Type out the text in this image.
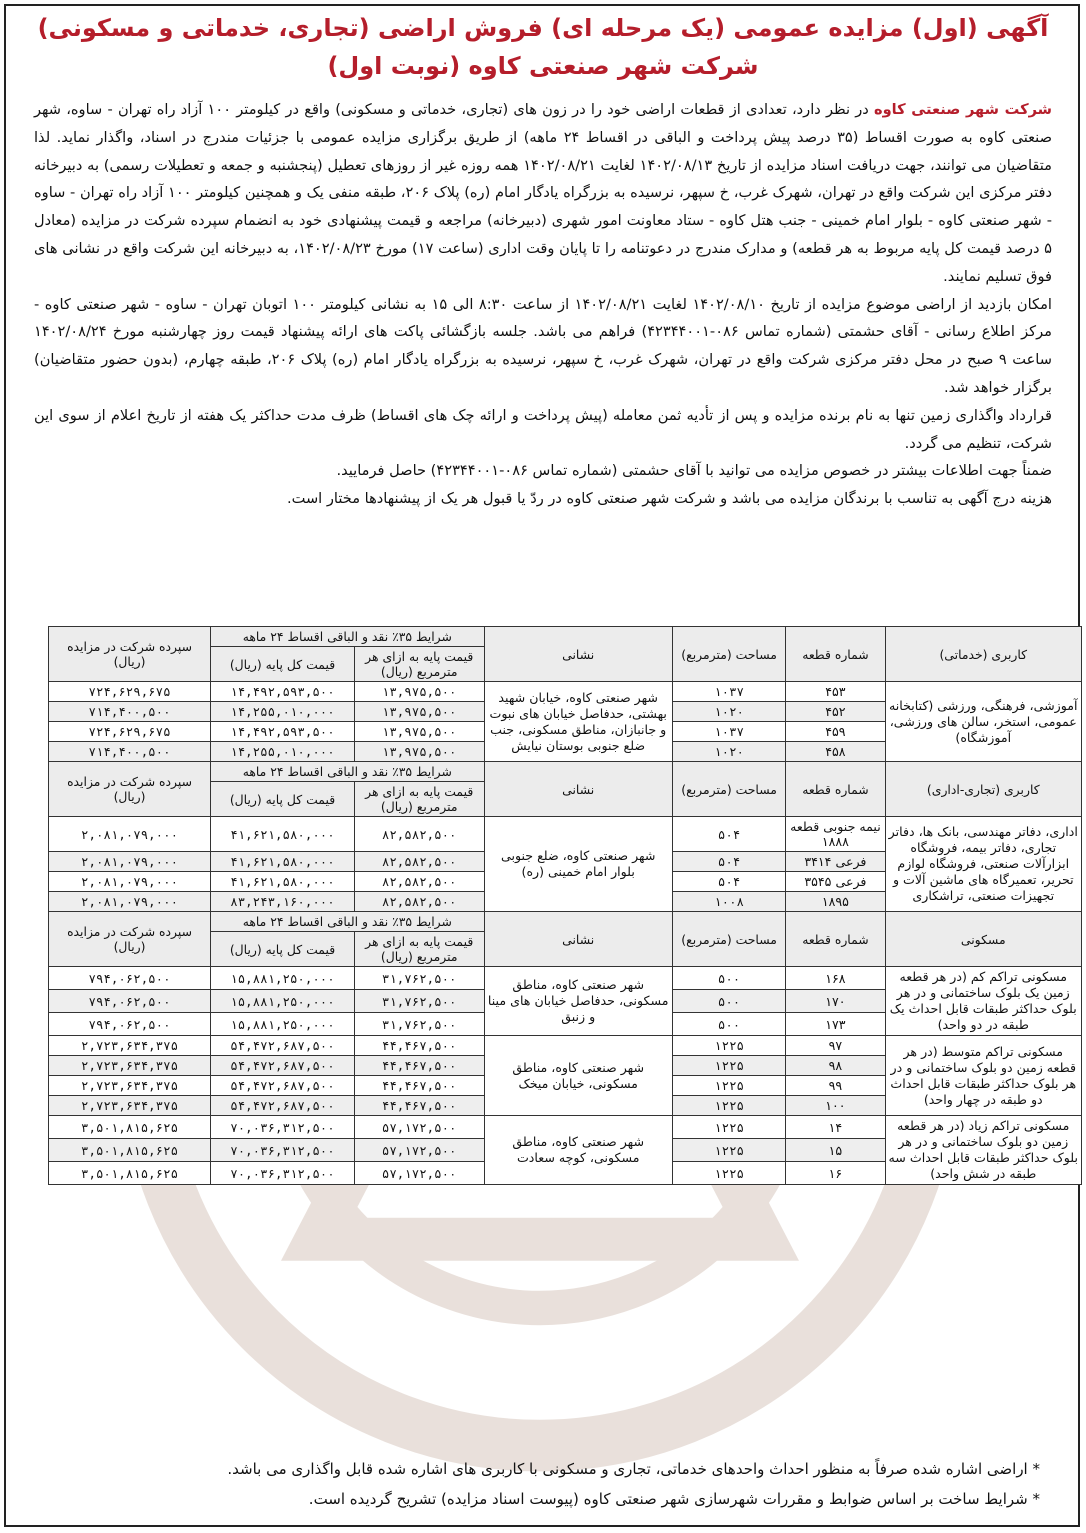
آگهی (اول) مزایده عمومی (یک مرحله ای) فروش اراضی (تجاری، خدماتی و مسکونی)
شرکت شهر صنعتی کاوه (نوبت اول)

شرکت شهر صنعتی کاوه در نظر دارد، تعدادی از قطعات اراضی خود را در زون های (تجاری، خدماتی و مسکونی) واقع در کیلومتر ۱۰۰ آزاد راه تهران - ساوه، شهر صنعتی کاوه به صورت اقساط (۳۵ درصد پیش پرداخت و الباقی در اقساط ۲۴ ماهه) از طریق برگزاری مزایده عمومی با جزئیات مندرج در اسناد، واگذار نماید. لذا متقاضیان می توانند، جهت دریافت اسناد مزایده از تاریخ ۱۴۰۲/۰۸/۱۳ لغایت ۱۴۰۲/۰۸/۲۱ همه روزه غیر از روزهای تعطیل (پنجشنبه و جمعه و تعطیلات رسمی) به دبیرخانه دفتر مرکزی این شرکت واقع در تهران، شهرک غرب، خ سپهر، نرسیده به بزرگراه یادگار امام (ره) پلاک ۲۰۶، طبقه منفی یک و همچنین کیلومتر ۱۰۰ آزاد راه تهران - ساوه - شهر صنعتی کاوه - بلوار امام خمینی - جنب هتل کاوه - ستاد معاونت امور شهری (دبیرخانه) مراجعه و قیمت پیشنهادی خود به انضمام سپرده شرکت در مزایده (معادل ۵ درصد قیمت کل پایه مربوط به هر قطعه) و مدارک مندرج در دعوتنامه را تا پایان وقت اداری (ساعت ۱۷) مورخ ۱۴۰۲/۰۸/۲۳، به دبیرخانه این شرکت واقع در نشانی های فوق تسلیم نمایند.

امکان بازدید از اراضی موضوع مزایده از تاریخ ۱۴۰۲/۰۸/۱۰ لغایت ۱۴۰۲/۰۸/۲۱ از ساعت ۸:۳۰ الی ۱۵ به نشانی کیلومتر ۱۰۰ اتوبان تهران - ساوه - شهر صنعتی کاوه - مرکز اطلاع رسانی - آقای حشمتی (شماره تماس ۰۸۶-۴۲۳۴۴۰۰۱) فراهم می باشد. جلسه بازگشائی پاکت های ارائه پیشنهاد قیمت روز چهارشنبه مورخ ۱۴۰۲/۰۸/۲۴ ساعت ۹ صبح در محل دفتر مرکزی شرکت واقع در تهران، شهرک غرب، خ سپهر، نرسیده به بزرگراه یادگار امام (ره) پلاک ۲۰۶، طبقه چهارم، (بدون حضور متقاضیان) برگزار خواهد شد.

قرارداد واگذاری زمین تنها به نام برنده مزایده و پس از تأدیه ثمن معامله (پیش پرداخت و ارائه چک های اقساط) ظرف مدت حداکثر یک هفته از تاریخ اعلام از سوی این شرکت، تنظیم می گردد.

ضمناً جهت اطلاعات بیشتر در خصوص مزایده می توانید با آقای حشمتی (شماره تماس ۰۸۶-۴۲۳۴۴۰۰۱) حاصل فرمایید.

هزینه درج آگهی به تناسب با برندگان مزایده می باشد و شرکت شهر صنعتی کاوه در ردّ یا قبول هر یک از پیشنهادها مختار است.

کاربری (خدماتی)	شماره قطعه	مساحت (مترمربع)	نشانی	شرایط ۳۵٪ نقد و الباقی اقساط ۲۴ ماهه		سپرده شرکت در مزایده (ریال)
				قیمت پایه به ازای هر مترمربع (ریال)	قیمت کل پایه (ریال)	
آموزشی، فرهنگی، ورزشی (کتابخانه عمومی، استخر، سالن های ورزشی، آموزشگاه)	۴۵۳	۱۰۳۷	شهر صنعتی کاوه، خیابان شهید بهشتی، حدفاصل خیابان های نبوت و جانبازان، مناطق مسکونی، جنب ضلع جنوبی بوستان نیایش	۱۳,۹۷۵,۵۰۰	۱۴,۴۹۲,۵۹۳,۵۰۰	۷۲۴,۶۲۹,۶۷۵
	۴۵۲	۱۰۲۰		۱۳,۹۷۵,۵۰۰	۱۴,۲۵۵,۰۱۰,۰۰۰	۷۱۴,۴۰۰,۵۰۰
	۴۵۹	۱۰۳۷		۱۳,۹۷۵,۵۰۰	۱۴,۴۹۲,۵۹۳,۵۰۰	۷۲۴,۶۲۹,۶۷۵
	۴۵۸	۱۰۲۰		۱۳,۹۷۵,۵۰۰	۱۴,۲۵۵,۰۱۰,۰۰۰	۷۱۴,۴۰۰,۵۰۰
کاربری (تجاری-اداری)	شماره قطعه	مساحت (مترمربع)	نشانی	شرایط ۳۵٪ نقد و الباقی اقساط ۲۴ ماهه		سپرده شرکت در مزایده (ریال)
				قیمت پایه به ازای هر مترمربع (ریال)	قیمت کل پایه (ریال)	
اداری، دفاتر مهندسی، بانک ها، دفاتر تجاری، دفاتر بیمه، فروشگاه ابزارآلات صنعتی، فروشگاه لوازم تحریر، تعمیرگاه های ماشین آلات و تجهیزات صنعتی، تراشکاری	نیمه جنوبی قطعه ۱۸۸۸	۵۰۴	شهر صنعتی کاوه، ضلع جنوبی بلوار امام خمینی (ره)	۸۲,۵۸۲,۵۰۰	۴۱,۶۲۱,۵۸۰,۰۰۰	۲,۰۸۱,۰۷۹,۰۰۰
	فرعی ۳۴۱۴	۵۰۴		۸۲,۵۸۲,۵۰۰	۴۱,۶۲۱,۵۸۰,۰۰۰	۲,۰۸۱,۰۷۹,۰۰۰
	فرعی ۳۵۴۵	۵۰۴		۸۲,۵۸۲,۵۰۰	۴۱,۶۲۱,۵۸۰,۰۰۰	۲,۰۸۱,۰۷۹,۰۰۰
	۱۸۹۵	۱۰۰۸		۸۲,۵۸۲,۵۰۰	۸۳,۲۴۳,۱۶۰,۰۰۰	۲,۰۸۱,۰۷۹,۰۰۰
مسکونی	شماره قطعه	مساحت (مترمربع)	نشانی	شرایط ۳۵٪ نقد و الباقی اقساط ۲۴ ماهه		سپرده شرکت در مزایده (ریال)
				قیمت پایه به ازای هر مترمربع (ریال)	قیمت کل پایه (ریال)	
مسکونی تراکم کم (در هر قطعه زمین یک بلوک ساختمانی و در هر بلوک حداکثر طبقات قابل احداث یک طبقه در دو واحد)	۱۶۸	۵۰۰	شهر صنعتی کاوه، مناطق مسکونی، حدفاصل خیابان های مینا و زنبق	۳۱,۷۶۲,۵۰۰	۱۵,۸۸۱,۲۵۰,۰۰۰	۷۹۴,۰۶۲,۵۰۰
	۱۷۰	۵۰۰		۳۱,۷۶۲,۵۰۰	۱۵,۸۸۱,۲۵۰,۰۰۰	۷۹۴,۰۶۲,۵۰۰
	۱۷۳	۵۰۰		۳۱,۷۶۲,۵۰۰	۱۵,۸۸۱,۲۵۰,۰۰۰	۷۹۴,۰۶۲,۵۰۰
مسکونی تراکم متوسط (در هر قطعه زمین دو بلوک ساختمانی و در هر بلوک حداکثر طبقات قابل احداث دو طبقه در چهار واحد)	۹۷	۱۲۲۵	شهر صنعتی کاوه، مناطق مسکونی، خیابان میخک	۴۴,۴۶۷,۵۰۰	۵۴,۴۷۲,۶۸۷,۵۰۰	۲,۷۲۳,۶۳۴,۳۷۵
	۹۸	۱۲۲۵		۴۴,۴۶۷,۵۰۰	۵۴,۴۷۲,۶۸۷,۵۰۰	۲,۷۲۳,۶۳۴,۳۷۵
	۹۹	۱۲۲۵		۴۴,۴۶۷,۵۰۰	۵۴,۴۷۲,۶۸۷,۵۰۰	۲,۷۲۳,۶۳۴,۳۷۵
	۱۰۰	۱۲۲۵		۴۴,۴۶۷,۵۰۰	۵۴,۴۷۲,۶۸۷,۵۰۰	۲,۷۲۳,۶۳۴,۳۷۵
مسکونی تراکم زیاد (در هر قطعه زمین دو بلوک ساختمانی و در هر بلوک حداکثر طبقات قابل احداث سه طبقه در شش واحد)	۱۴	۱۲۲۵	شهر صنعتی کاوه، مناطق مسکونی، کوچه سعادت	۵۷,۱۷۲,۵۰۰	۷۰,۰۳۶,۳۱۲,۵۰۰	۳,۵۰۱,۸۱۵,۶۲۵
	۱۵	۱۲۲۵		۵۷,۱۷۲,۵۰۰	۷۰,۰۳۶,۳۱۲,۵۰۰	۳,۵۰۱,۸۱۵,۶۲۵
	۱۶	۱۲۲۵		۵۷,۱۷۲,۵۰۰	۷۰,۰۳۶,۳۱۲,۵۰۰	۳,۵۰۱,۸۱۵,۶۲۵

* اراضی اشاره شده صرفاً به منظور احداث واحدهای خدماتی، تجاری و مسکونی با کاربری های اشاره شده قابل واگذاری می باشد.

* شرایط ساخت بر اساس ضوابط و مقررات شهرسازی شهر صنعتی کاوه (پیوست اسناد مزایده) تشریح گردیده است.
